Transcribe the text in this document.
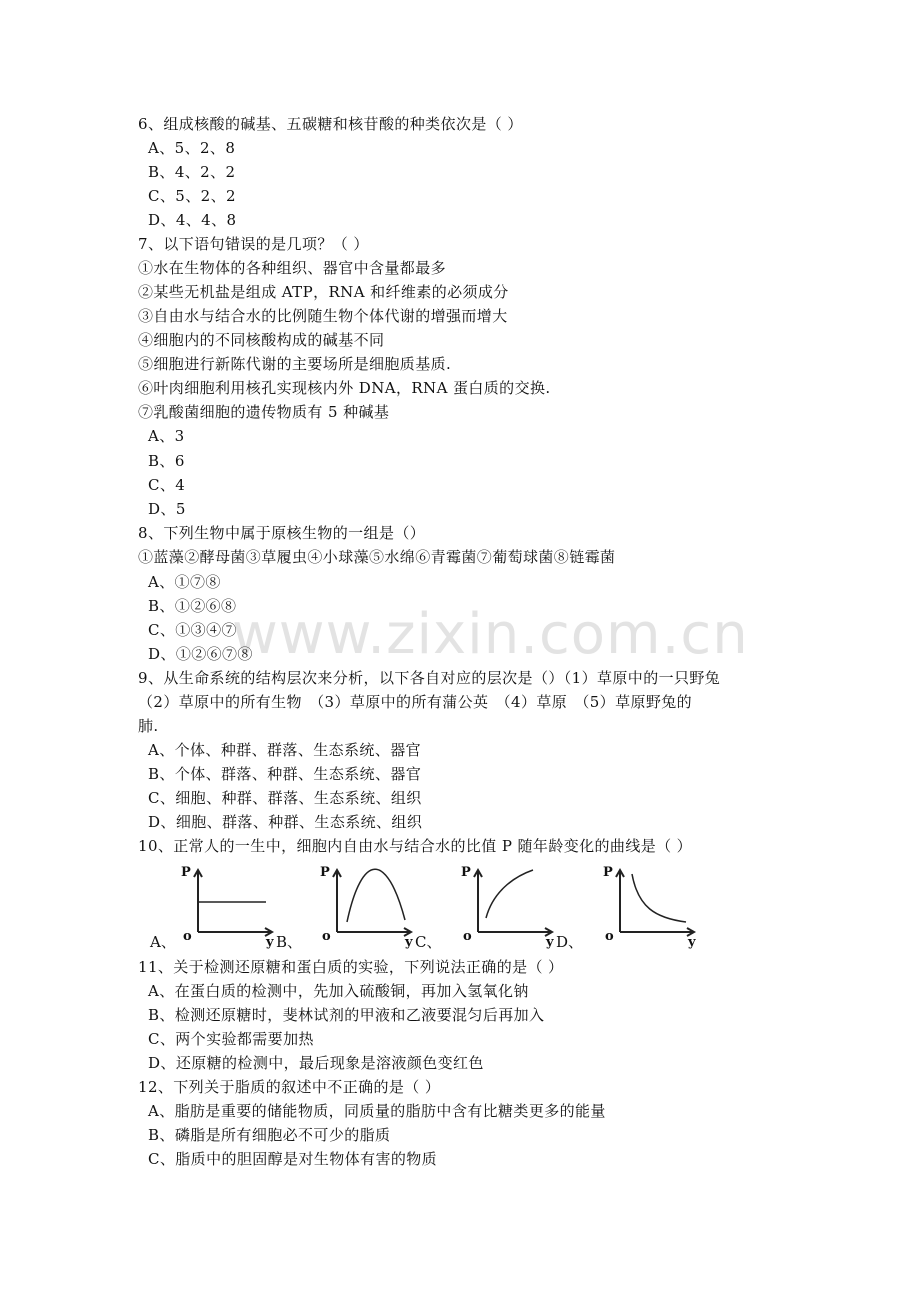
www.zixin.com.cn
6、组成核酸的碱基、五碳糖和核苷酸的种类依次是（ ）
A、5、2、8
B、4、2、2
C、5、2、2
D、4、4、8
7、以下语句错误的是几项？（ ）
①水在生物体的各种组织、器官中含量都最多
②某些无机盐是组成 ATP，RNA 和纤维素的必须成分
③自由水与结合水的比例随生物个体代谢的增强而增大
④细胞内的不同核酸构成的碱基不同
⑤细胞进行新陈代谢的主要场所是细胞质基质.
⑥叶肉细胞利用核孔实现核内外 DNA，RNA 蛋白质的交换.
⑦乳酸菌细胞的遗传物质有 5 种碱基
A、3
B、6
C、4
D、5
8、下列生物中属于原核生物的一组是（）
①蓝藻②酵母菌③草履虫④小球藻⑤水绵⑥青霉菌⑦葡萄球菌⑧链霉菌
A、①⑦⑧
B、①②⑥⑧
C、①③④⑦
D、①②⑥⑦⑧
9、从生命系统的结构层次来分析，以下各自对应的层次是（）（1）草原中的一只野兔
（2）草原中的所有生物 （3）草原中的所有蒲公英 （4）草原 （5）草原野兔的
肺.
A、个体、种群、群落、生态系统、器官
B、个体、群落、种群、生态系统、器官
C、细胞、种群、群落、生态系统、组织
D、细胞、群落、种群、生态系统、组织
10、正常人的一生中，细胞内自由水与结合水的比值 P 随年龄变化的曲线是（ ）
P
o	y
A、
P
o	y
B、
P
o	y
C、
P
o	y
D、
11、关于检测还原糖和蛋白质的实验，下列说法正确的是（ ）
A、在蛋白质的检测中，先加入硫酸铜，再加入氢氧化钠
B、检测还原糖时，斐林试剂的甲液和乙液要混匀后再加入
C、两个实验都需要加热
D、还原糖的检测中，最后现象是溶液颜色变红色
12、下列关于脂质的叙述中不正确的是（ ）
A、脂肪是重要的储能物质，同质量的脂肪中含有比糖类更多的能量
B、磷脂是所有细胞必不可少的脂质
C、脂质中的胆固醇是对生物体有害的物质
